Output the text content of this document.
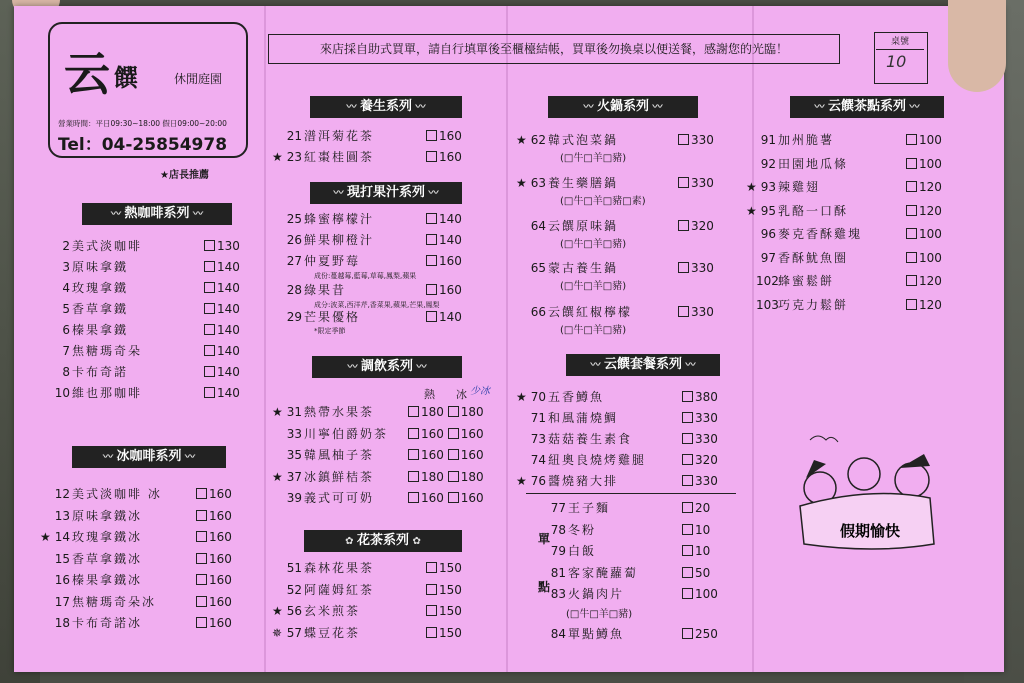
云 饌	休閒庭園
營業時間：平日09:30~18:00 假日09:00~20:00
Tel：04-25854978
★店長推薦
來店採自助式買單，請自行填單後至櫃檯結帳，買單後勿換桌以便送餐，感謝您的光臨！	桌號
10
〰 熱咖啡系列 〰
〰 冰咖啡系列 〰
〰 養生系列 〰
〰 現打果汁系列 〰
〰 調飲系列 〰
✿ 花茶系列 ✿
〰 火鍋系列 〰
〰 云饌套餐系列 〰
〰 云饌茶點系列 〰
2 美式淡咖啡	130
3 原味拿鐵	140
4 玫瑰拿鐵	140
5 香草拿鐵	140
6 榛果拿鐵	140
7 焦糖瑪奇朵	140
8 卡布奇諾	140
10 維也那咖啡	140
12 美式淡咖啡 冰	160
13 原味拿鐵冰	160
★ 14 玫瑰拿鐵冰	160
15 香草拿鐵冰	160
16 榛果拿鐵冰	160
17 焦糖瑪奇朵冰	160
18 卡布奇諾冰	160
21 潽洱菊花茶	160
★ 23 紅棗桂圓茶	160
25 蜂蜜檸檬汁	140
26 鮮果柳橙汁	140
27 仲夏野莓	160
28 綠果昔	160
29 芒果優格	140
★ 31 熱帶水果茶	180 180
33 川寧伯爵奶茶	160 160
35 韓風柚子茶	160 160
★ 37 冰鎮鮮桔茶	180 180
39 義式可可奶	160 160
51 森林花果茶	150
52 阿薩姆紅茶	150
★ 56 玄米煎茶	150
✵ 57 蝶豆花茶	150
★ 62 韓式泡菜鍋	330
(□牛□羊□豬)
★ 63 養生藥膳鍋	330
(□牛□羊□豬□素)
64 云饌原味鍋	320
(□牛□羊□豬)
65 蒙古養生鍋	330
(□牛□羊□豬)
66 云饌紅椒檸檬	330
(□牛□羊□豬)
★ 70 五香鱒魚	380
71 和風蒲燒鯛	330
73 菇菇養生素食	330
74 紐奧良燒烤雞腿	320
★ 76 醬燒豬大排	330
77 王子麵	20
78 冬粉	10
79 白飯	10
81 客家醃蘿蔔	50
83 火鍋肉片	100
84 單點鱒魚	250
(□牛□羊□豬)
91 加州脆薯	100
92 田園地瓜條	100
★ 93 辣雞翅	120
★ 95 乳酪一口酥	120
96 麥克香酥雞塊	100
97 香酥魷魚圈	100
102蜂蜜鬆餅	120
103巧克力鬆餅	120
成份:蔓越莓,藍莓,草莓,鳳梨,蘋果
成分:波菜,西洋芹,香菜果,蘋果,芒果,鳳梨
*限定季節
熱 冰 少冰
單
點
假期愉快
